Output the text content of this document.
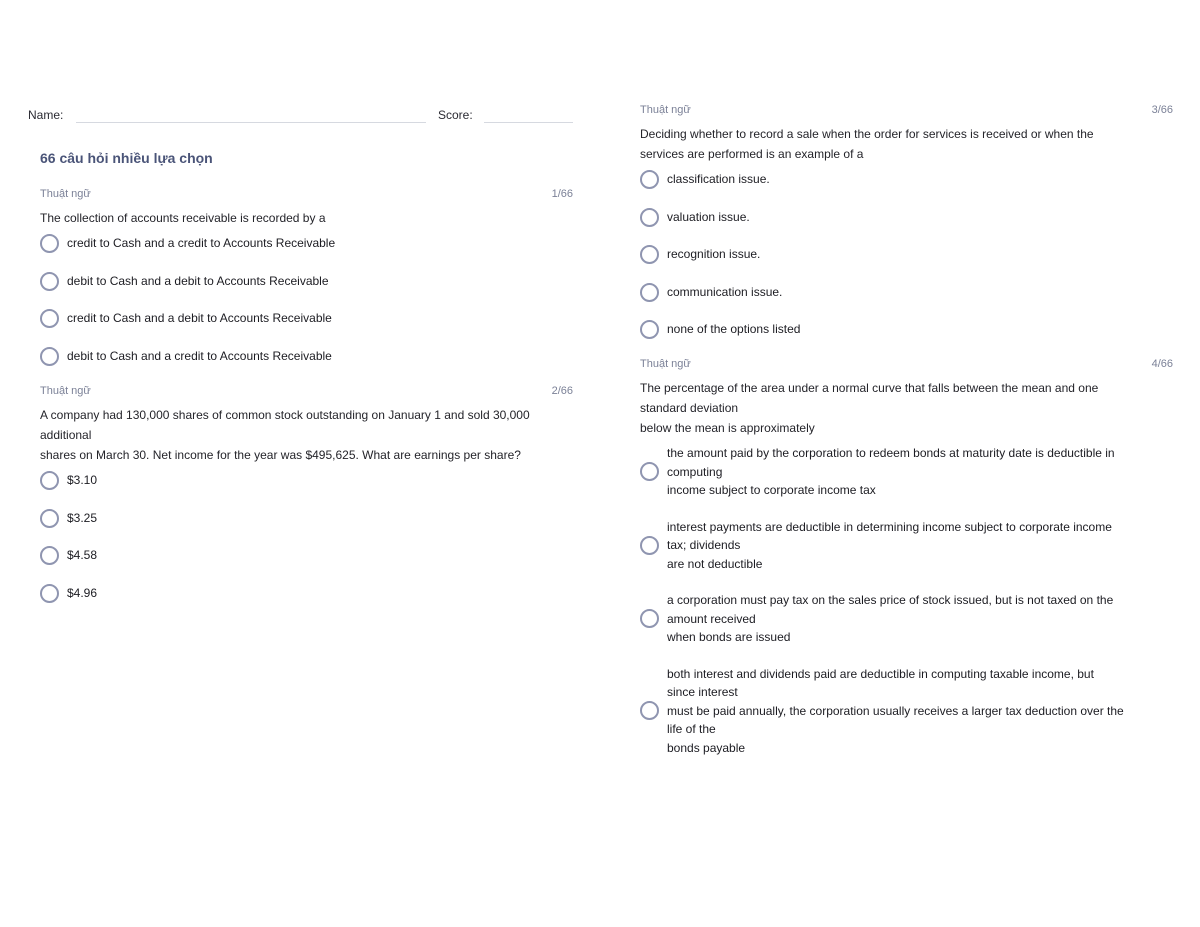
Name:	Score:
66 câu hỏi nhiều lựa chọn
Thuật ngữ	1/66
The collection of accounts receivable is recorded by a
credit to Cash and a credit to Accounts Receivable
debit to Cash and a debit to Accounts Receivable
credit to Cash and a debit to Accounts Receivable
debit to Cash and a credit to Accounts Receivable
Thuật ngữ	2/66
A company had 130,000 shares of common stock outstanding on January 1 and sold 30,000
additional
shares on March 30. Net income for the year was $495,625. What are earnings per share?
$3.10
$3.25
$4.58
$4.96
Thuật ngữ	3/66
Deciding whether to record a sale when the order for services is received or when the
services are performed is an example of a
classification issue.
valuation issue.
recognition issue.
communication issue.
none of the options listed
Thuật ngữ	4/66
The percentage of the area under a normal curve that falls between the mean and one
standard deviation
below the mean is approximately
the amount paid by the corporation to redeem bonds at maturity date is deductible in
computing
income subject to corporate income tax
interest payments are deductible in determining income subject to corporate income
tax; dividends
are not deductible
a corporation must pay tax on the sales price of stock issued, but is not taxed on the
amount received
when bonds are issued
both interest and dividends paid are deductible in computing taxable income, but
since interest
must be paid annually, the corporation usually receives a larger tax deduction over the
life of the
bonds payable
